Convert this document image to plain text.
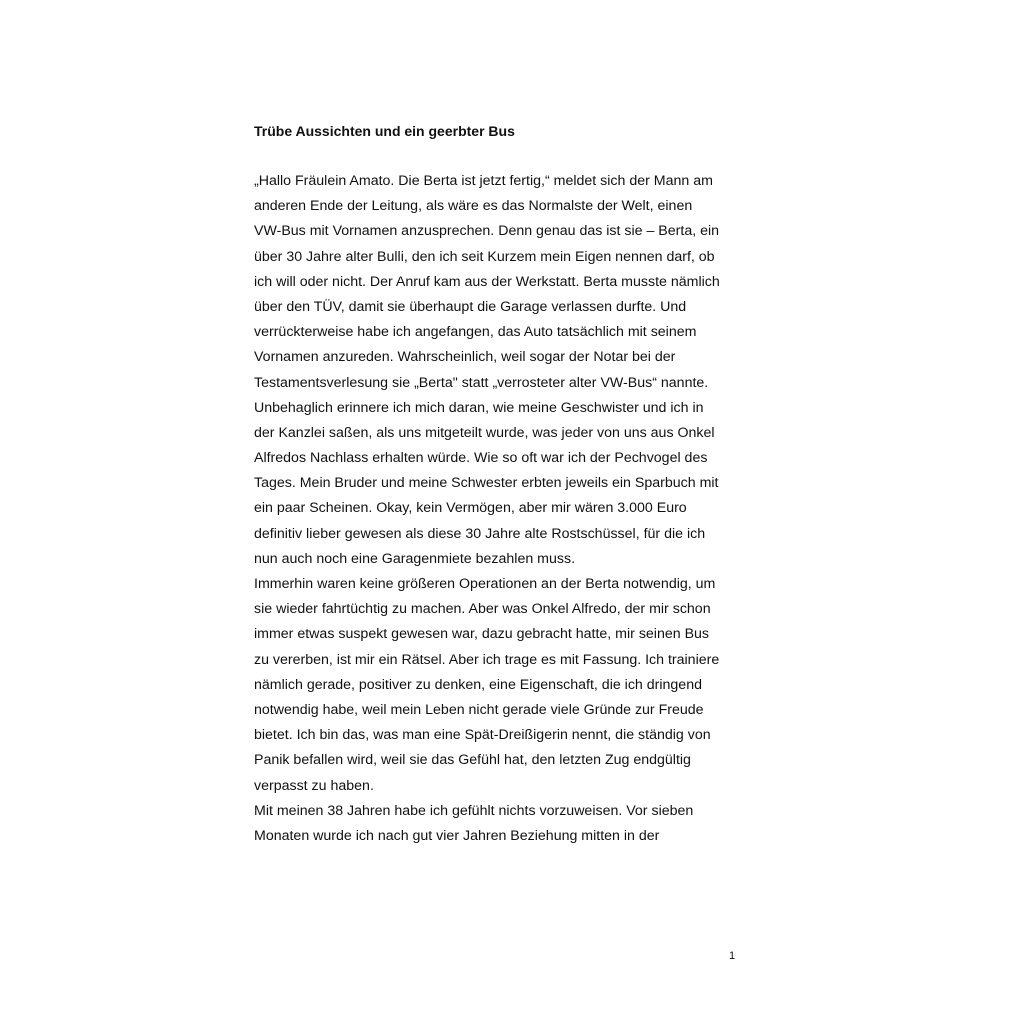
Trübe Aussichten und ein geerbter Bus
„Hallo Fräulein Amato. Die Berta ist jetzt fertig,“ meldet sich der Mann am
anderen Ende der Leitung, als wäre es das Normalste der Welt, einen
VW-Bus mit Vornamen anzusprechen. Denn genau das ist sie – Berta, ein
über 30 Jahre alter Bulli, den ich seit Kurzem mein Eigen nennen darf, ob
ich will oder nicht. Der Anruf kam aus der Werkstatt. Berta musste nämlich
über den TÜV, damit sie überhaupt die Garage verlassen durfte. Und
verrückterweise habe ich angefangen, das Auto tatsächlich mit seinem
Vornamen anzureden. Wahrscheinlich, weil sogar der Notar bei der
Testamentsverlesung sie „Berta" statt „verrosteter alter VW-Bus“ nannte.
Unbehaglich erinnere ich mich daran, wie meine Geschwister und ich in
der Kanzlei saßen, als uns mitgeteilt wurde, was jeder von uns aus Onkel
Alfredos Nachlass erhalten würde. Wie so oft war ich der Pechvogel des
Tages. Mein Bruder und meine Schwester erbten jeweils ein Sparbuch mit
ein paar Scheinen. Okay, kein Vermögen, aber mir wären 3.000 Euro
definitiv lieber gewesen als diese 30 Jahre alte Rostschüssel, für die ich
nun auch noch eine Garagenmiete bezahlen muss.
Immerhin waren keine größeren Operationen an der Berta notwendig, um
sie wieder fahrtüchtig zu machen. Aber was Onkel Alfredo, der mir schon
immer etwas suspekt gewesen war, dazu gebracht hatte, mir seinen Bus
zu vererben, ist mir ein Rätsel. Aber ich trage es mit Fassung. Ich trainiere
nämlich gerade, positiver zu denken, eine Eigenschaft, die ich dringend
notwendig habe, weil mein Leben nicht gerade viele Gründe zur Freude
bietet. Ich bin das, was man eine Spät-Dreißigerin nennt, die ständig von
Panik befallen wird, weil sie das Gefühl hat, den letzten Zug endgültig
verpasst zu haben.
Mit meinen 38 Jahren habe ich gefühlt nichts vorzuweisen. Vor sieben
Monaten wurde ich nach gut vier Jahren Beziehung mitten in der
1
